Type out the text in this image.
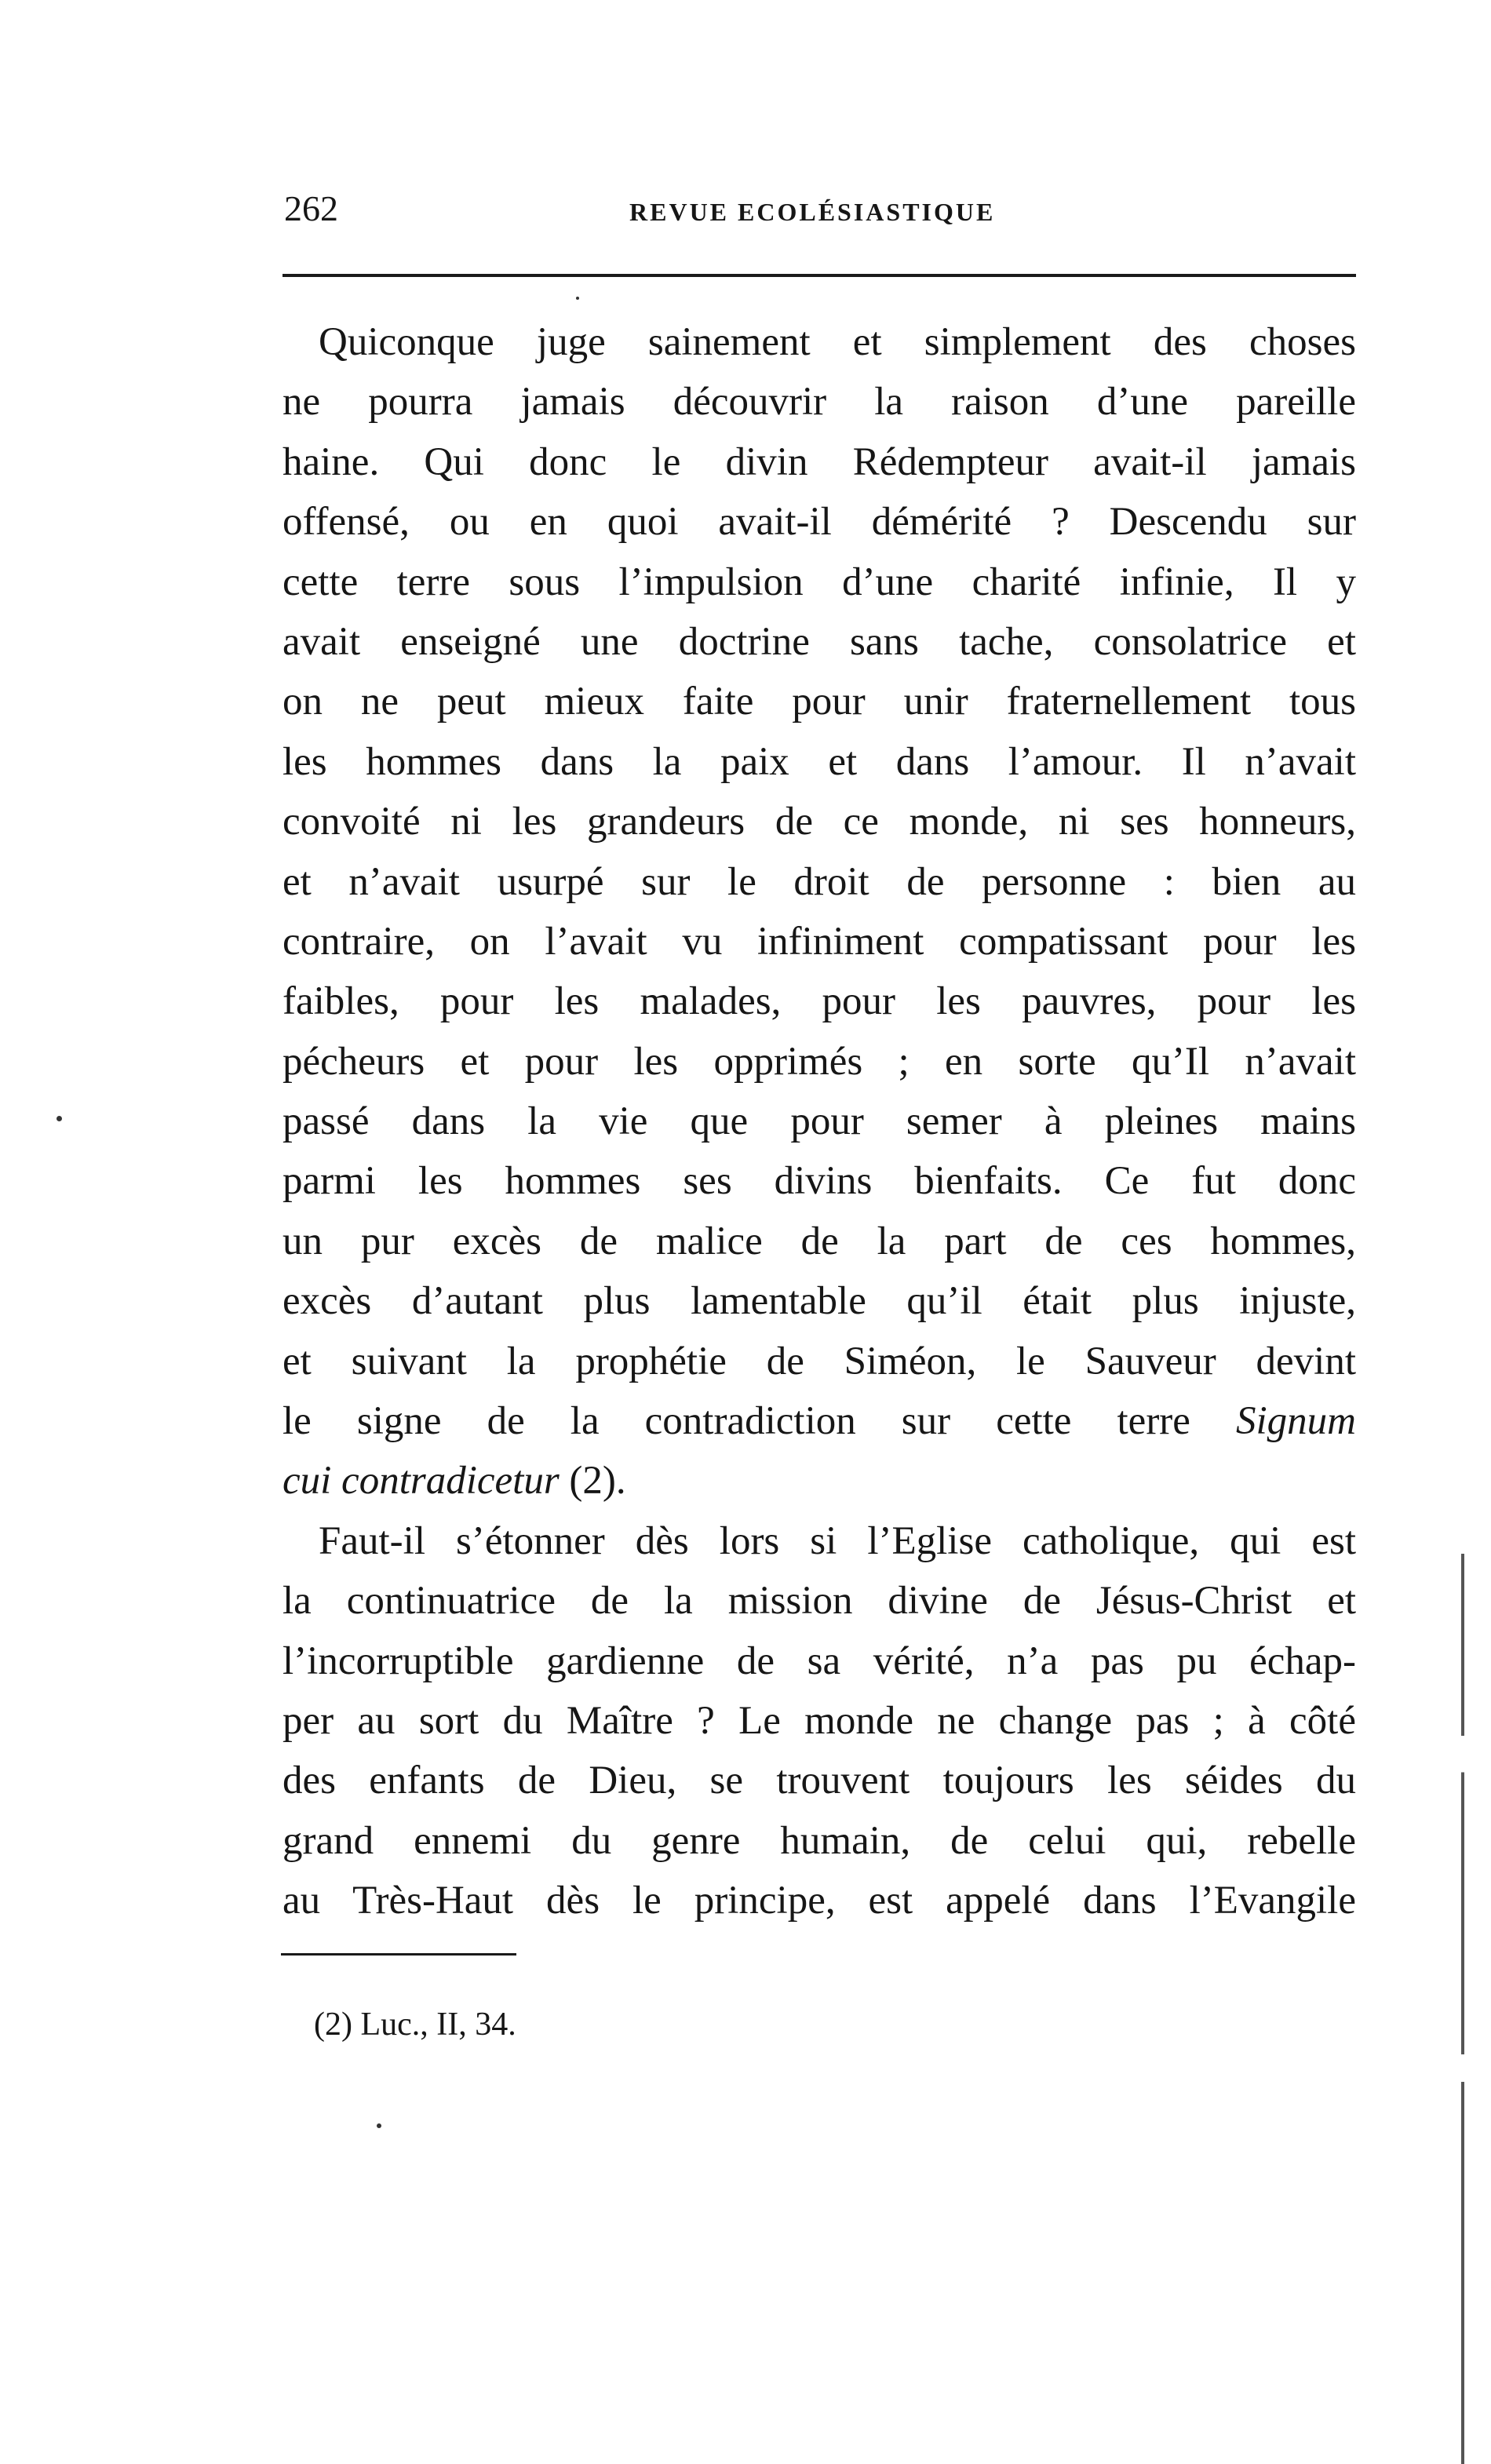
262	REVUE ECOLÉSIASTIQUE
Quiconque juge sainement et simplement des choses
ne pourra jamais découvrir la raison d’une pareille
haine. Qui donc le divin Rédempteur avait-il jamais
offensé, ou en quoi avait-il démérité ? Descendu sur
cette terre sous l’impulsion d’une charité infinie, Il y
avait enseigné une doctrine sans tache, consolatrice et
on ne peut mieux faite pour unir fraternellement tous
les hommes dans la paix et dans l’amour. Il n’avait
convoité ni les grandeurs de ce monde, ni ses honneurs,
et n’avait usurpé sur le droit de personne : bien au
contraire, on l’avait vu infiniment compatissant pour les
faibles, pour les malades, pour les pauvres, pour les
pécheurs et pour les opprimés ; en sorte qu’Il n’avait
passé dans la vie que pour semer à pleines mains
parmi les hommes ses divins bienfaits. Ce fut donc
un pur excès de malice de la part de ces hommes,
excès d’autant plus lamentable qu’il était plus injuste,
et suivant la prophétie de Siméon, le Sauveur devint
le signe de la contradiction sur cette terre Signum
cui contradicetur (2).
Faut-il s’étonner dès lors si l’Eglise catholique, qui est
la continuatrice de la mission divine de Jésus-Christ et
l’incorruptible gardienne de sa vérité, n’a pas pu échap-
per au sort du Maître ? Le monde ne change pas ; à côté
des enfants de Dieu, se trouvent toujours les séides du
grand ennemi du genre humain, de celui qui, rebelle
au Très-Haut dès le principe, est appelé dans l’Evangile
(2) Luc., II, 34.
